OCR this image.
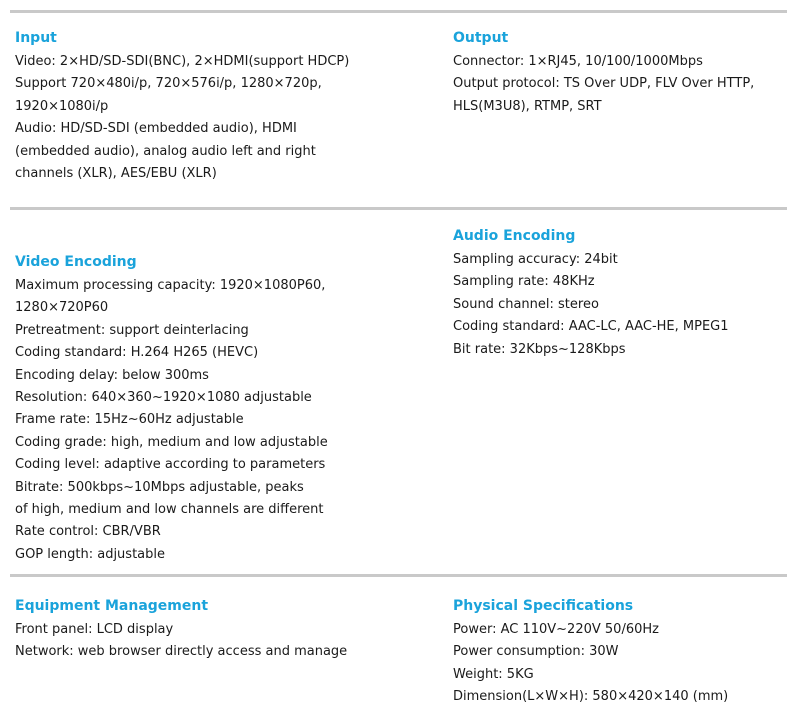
Input
Video: 2×HD/SD-SDI(BNC), 2×HDMI(support HDCP)
Support 720×480i/p, 720×576i/p, 1280×720p,
1920×1080i/p
Audio: HD/SD-SDI (embedded audio), HDMI
(embedded audio), analog audio left and right
channels (XLR), AES/EBU (XLR)
Output
Connector: 1×RJ45, 10/100/1000Mbps
Output protocol: TS Over UDP, FLV Over HTTP,
HLS(M3U8), RTMP, SRT
Video Encoding
Maximum processing capacity: 1920×1080P60,
1280×720P60
Pretreatment: support deinterlacing
Coding standard: H.264 H265 (HEVC)
Encoding delay: below 300ms
Resolution: 640×360~1920×1080 adjustable
Frame rate: 15Hz~60Hz adjustable
Coding grade: high, medium and low adjustable
Coding level: adaptive according to parameters
Bitrate: 500kbps~10Mbps adjustable, peaks
of high, medium and low channels are different
Rate control: CBR/VBR
GOP length: adjustable
Audio Encoding
Sampling accuracy: 24bit
Sampling rate: 48KHz
Sound channel: stereo
Coding standard: AAC-LC, AAC-HE, MPEG1
Bit rate: 32Kbps~128Kbps
Equipment Management
Front panel: LCD display
Network: web browser directly access and manage
Physical Specifications
Power: AC 110V~220V 50/60Hz
Power consumption: 30W
Weight: 5KG
Dimension(L×W×H): 580×420×140 (mm)
